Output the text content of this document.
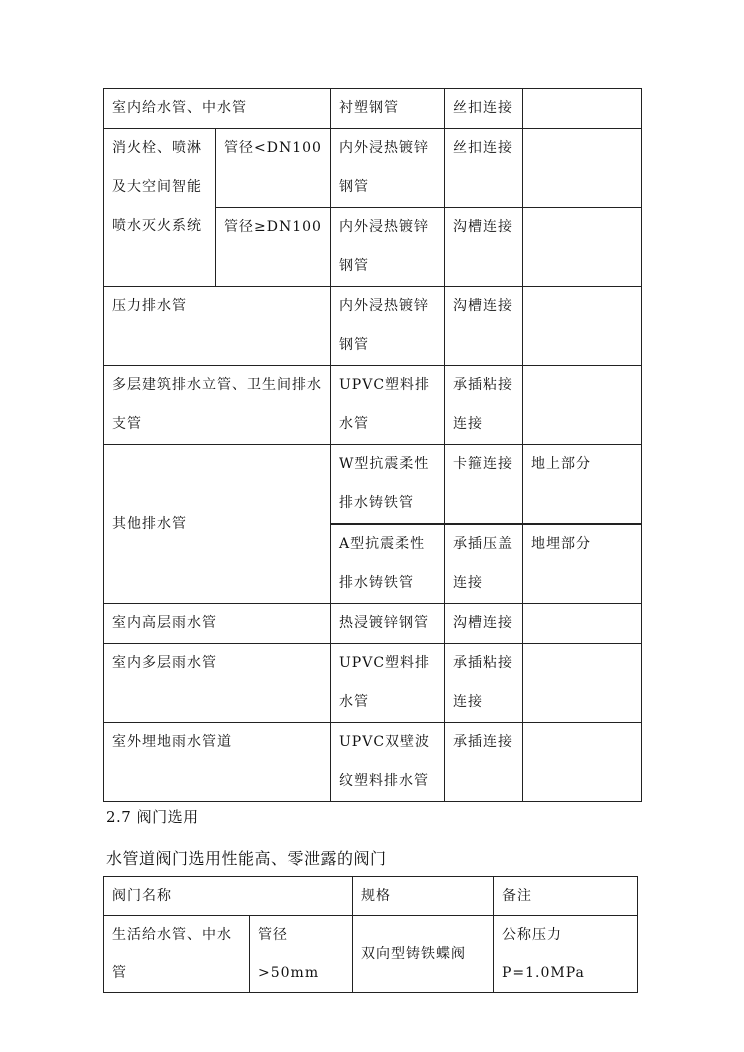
室内给水管、中水管		衬塑钢管	丝扣连接	
消火栓、喷淋及大空间智能喷水灭火系统	管径<DN100	内外浸热镀锌钢管	丝扣连接	
	管径≥DN100	内外浸热镀锌钢管	沟槽连接	
压力排水管		内外浸热镀锌钢管	沟槽连接	
多层建筑排水立管、卫生间排水支管		UPVC塑料排水管	承插粘接连接	
其他排水管		W型抗震柔性排水铸铁管	卡箍连接	地上部分
		A型抗震柔性排水铸铁管	承插压盖连接	地埋部分
室内高层雨水管		热浸镀锌钢管	沟槽连接	
室内多层雨水管		UPVC塑料排水管	承插粘接连接	
室外埋地雨水管道		UPVC双壁波纹塑料排水管	承插连接	
2.7 阀门选用
水管道阀门选用性能高、零泄露的阀门
阀门名称		规格	备注
生活给水管、中水管	管径>50mm	双向型铸铁蝶阀	公称压力 P=1.0MPa
